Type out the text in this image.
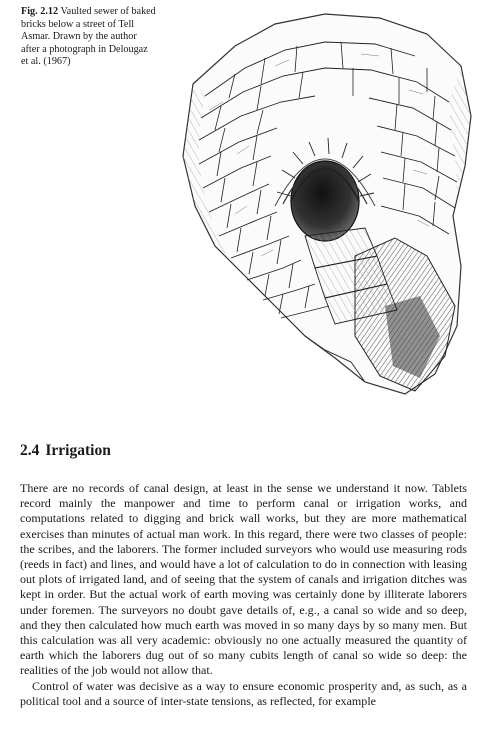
Fig. 2.12 Vaulted sewer of baked bricks below a street of Tell Asmar. Drawn by the author after a photograph in Delougaz et al. (1967)
2.4 Irrigation

There are no records of canal design, at least in the sense we understand it now. Tablets record mainly the manpower and time to perform canal or irrigation works, and computations related to digging and brick wall works, but they are more mathematical exercises than minutes of actual man work. In this regard, there were two classes of people: the scribes, and the laborers. The former included surveyors who would use measuring rods (reeds in fact) and lines, and would have a lot of calculation to do in connection with leasing out plots of irrigated land, and of seeing that the system of canals and irrigation ditches was kept in order. But the actual work of earth moving was certainly done by illiterate laborers under foremen. The surveyors no doubt gave details of, e.g., a canal so wide and so deep, and they then calculated how much earth was moved in so many days by so many men. But this calculation was all very academic: obviously no one actually measured the quantity of earth which the laborers dug out of so many cubits length of canal so wide so deep: the realities of the job would not allow that.

Control of water was decisive as a way to ensure economic prosperity and, as such, as a political tool and a source of inter-state tensions, as reflected, for example
